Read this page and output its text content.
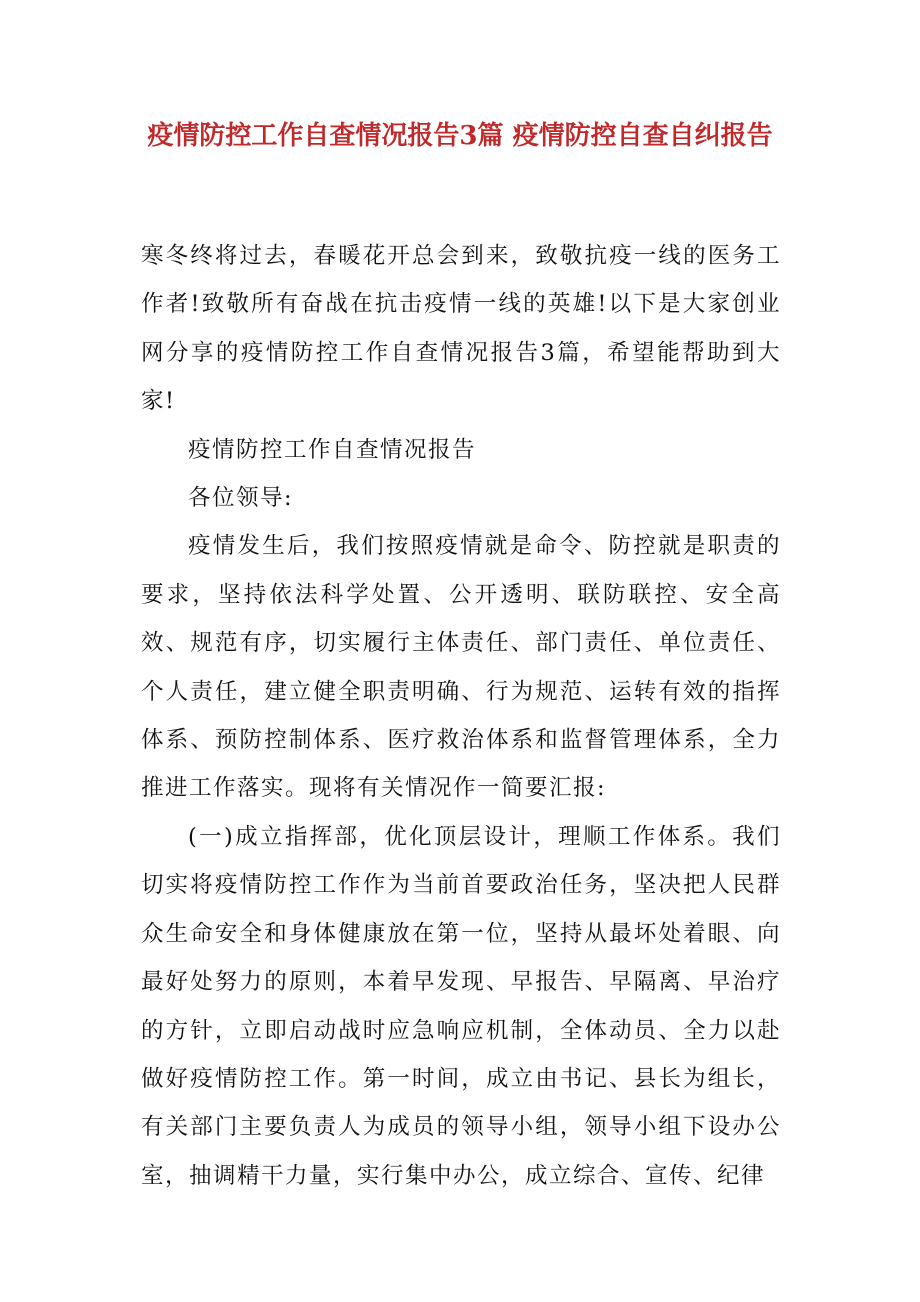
疫情防控工作自查情况报告3篇 疫情防控自查自纠报告

寒冬终将过去，春暖花开总会到来，致敬抗疫一线的医务工作者!致敬所有奋战在抗击疫情一线的英雄!以下是大家创业网分享的疫情防控工作自查情况报告3篇，希望能帮助到大家!

疫情防控工作自查情况报告

各位领导:

疫情发生后，我们按照疫情就是命令、防控就是职责的要求，坚持依法科学处置、公开透明、联防联控、安全高效、规范有序，切实履行主体责任、部门责任、单位责任、个人责任，建立健全职责明确、行为规范、运转有效的指挥体系、预防控制体系、医疗救治体系和监督管理体系，全力推进工作落实。现将有关情况作一简要汇报:

(一)成立指挥部，优化顶层设计，理顺工作体系。我们切实将疫情防控工作作为当前首要政治任务，坚决把人民群众生命安全和身体健康放在第一位，坚持从最坏处着眼、向最好处努力的原则，本着早发现、早报告、早隔离、早治疗的方针，立即启动战时应急响应机制，全体动员、全力以赴做好疫情防控工作。第一时间，成立由书记、县长为组长，有关部门主要负责人为成员的领导小组，领导小组下设办公室，抽调精干力量，实行集中办公，成立综合、宣传、纪律
